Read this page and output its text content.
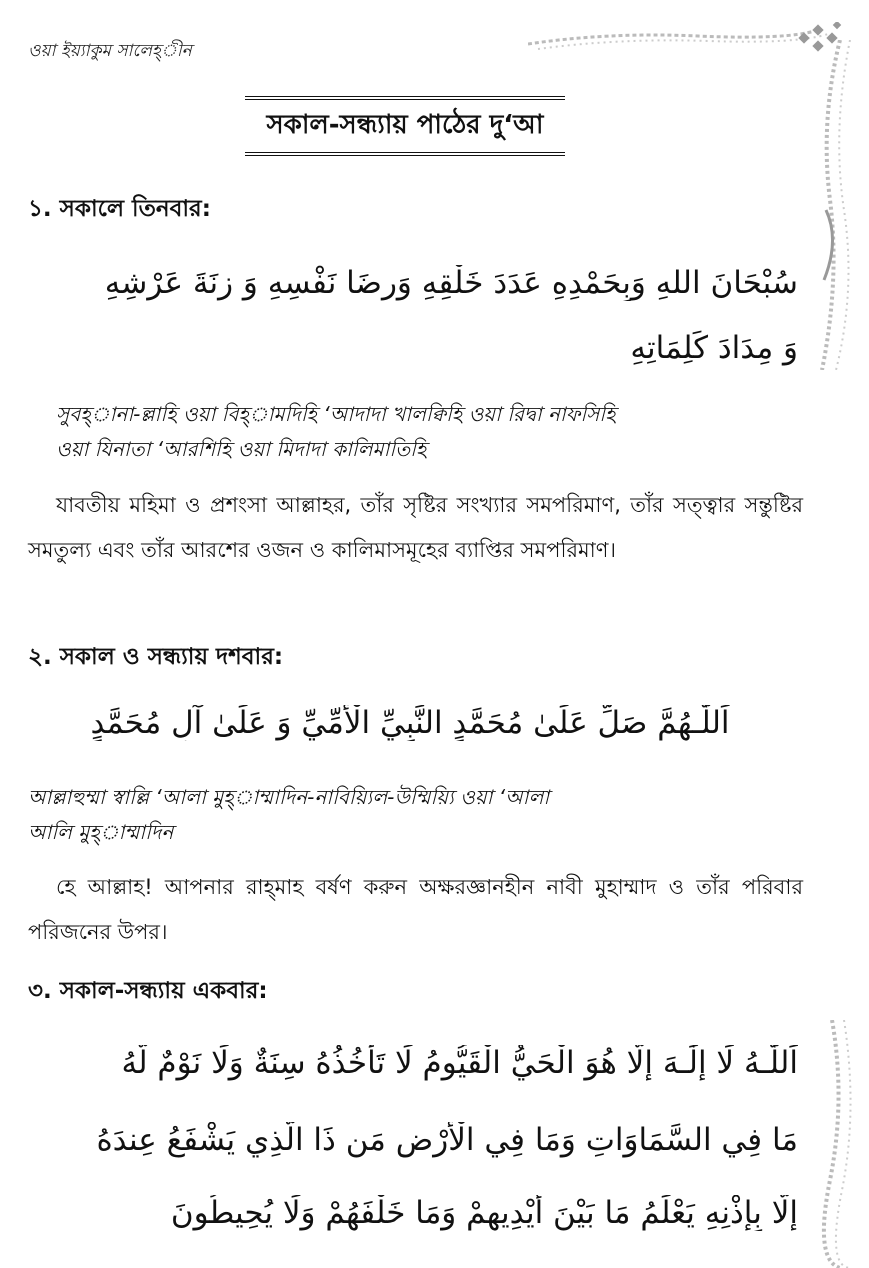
ওয়া ইয়্যাকুম সালেহ্‌ীন
সকাল-সন্ধ্যায় পাঠের দু‘আ
১. সকালে তিনবার:
سُبْحَانَ اللهِ وَبِحَمْدِهِ عَدَدَ خَلْقِهِ وَرِضَا نَفْسِهِ وَ زِنَةَ عَرْشِهِ
وَ مِدَادَ كَلِمَاتِهِ
সুবহ্‌ানা-ল্লাহি ওয়া বিহ্‌ামদিহি ‘আদাদা খালক্বিহি ওয়া রিদ্বা নাফসিহি
ওয়া যিনাতা ‘আরশিহি ওয়া মিদাদা কালিমাতিহি
যাবতীয় মহিমা ও প্রশংসা আল্লাহর, তাঁর সৃষ্টির সংখ্যার সমপরিমাণ, তাঁর সত্ত্বার সন্তুষ্টির সমতুল্য এবং তাঁর আরশের ওজন ও কালিমাসমূহের ব্যাপ্তির সমপরিমাণ।
২. সকাল ও সন্ধ্যায় দশবার:
اَللّٰـهُمَّ صَلِّ عَلَىٰ مُحَمَّدٍ النَّبِيِّ الْأُمِّيِّ وَ عَلَىٰ آلِ مُحَمَّدٍ
আল্লাহুম্মা স্বাল্লি ‘আলা মুহ্‌াম্মাদিন-নাবিয়্যিল-উম্মিয়্যি ওয়া ‘আলা
আলি মুহ্‌াম্মাদিন
হে আল্লাহ! আপনার রাহ্‌মাহ বর্ষণ করুন অক্ষরজ্ঞানহীন নাবী মুহাম্মাদ ও তাঁর পরিবার পরিজনের উপর।
৩. সকাল-সন্ধ্যায় একবার:
اَللّٰـهُ لَا إِلَٰـهَ إِلَّا هُوَ الْحَيُّ الْقَيُّومُ لَا تَأْخُذُهُ سِنَةٌ وَلَا نَوْمٌ لَّهُ
مَا فِي السَّمَاوَاتِ وَمَا فِي الْأَرْضِ مَن ذَا الَّذِي يَشْفَعُ عِندَهُ
إِلَّا بِإِذْنِهِ يَعْلَمُ مَا بَيْنَ أَيْدِيهِمْ وَمَا خَلْفَهُمْ وَلَا يُحِيطُونَ
